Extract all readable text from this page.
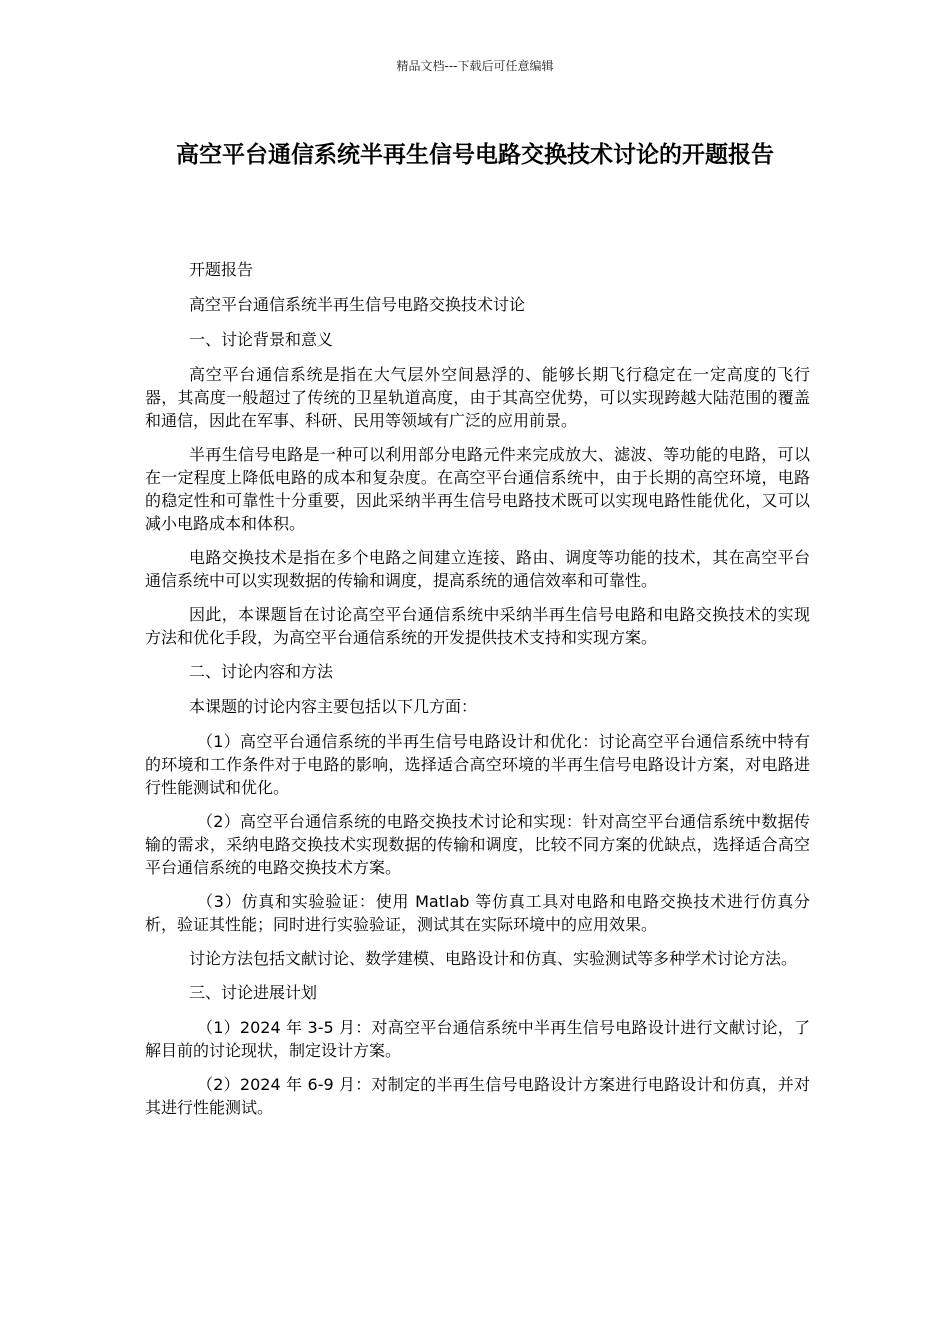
精品文档---下载后可任意编辑
高空平台通信系统半再生信号电路交换技术讨论的开题报告

开题报告

高空平台通信系统半再生信号电路交换技术讨论

一、讨论背景和意义

高空平台通信系统是指在大气层外空间悬浮的、能够长期飞行稳定在一定高度的飞行器，其高度一般超过了传统的卫星轨道高度，由于其高空优势，可以实现跨越大陆范围的覆盖和通信，因此在军事、科研、民用等领域有广泛的应用前景。

半再生信号电路是一种可以利用部分电路元件来完成放大、滤波、等功能的电路，可以在一定程度上降低电路的成本和复杂度。在高空平台通信系统中，由于长期的高空环境，电路的稳定性和可靠性十分重要，因此采纳半再生信号电路技术既可以实现电路性能优化，又可以减小电路成本和体积。

电路交换技术是指在多个电路之间建立连接、路由、调度等功能的技术，其在高空平台通信系统中可以实现数据的传输和调度，提高系统的通信效率和可靠性。

因此，本课题旨在讨论高空平台通信系统中采纳半再生信号电路和电路交换技术的实现方法和优化手段，为高空平台通信系统的开发提供技术支持和实现方案。

二、讨论内容和方法

本课题的讨论内容主要包括以下几方面：

（1）高空平台通信系统的半再生信号电路设计和优化：讨论高空平台通信系统中特有的环境和工作条件对于电路的影响，选择适合高空环境的半再生信号电路设计方案，对电路进行性能测试和优化。

（2）高空平台通信系统的电路交换技术讨论和实现：针对高空平台通信系统中数据传输的需求，采纳电路交换技术实现数据的传输和调度，比较不同方案的优缺点，选择适合高空平台通信系统的电路交换技术方案。

（3）仿真和实验验证：使用 Matlab 等仿真工具对电路和电路交换技术进行仿真分析，验证其性能；同时进行实验验证，测试其在实际环境中的应用效果。

讨论方法包括文献讨论、数学建模、电路设计和仿真、实验测试等多种学术讨论方法。

三、讨论进展计划

（1）2024 年 3-5 月：对高空平台通信系统中半再生信号电路设计进行文献讨论，了解目前的讨论现状，制定设计方案。

（2）2024 年 6-9 月：对制定的半再生信号电路设计方案进行电路设计和仿真，并对其进行性能测试。
